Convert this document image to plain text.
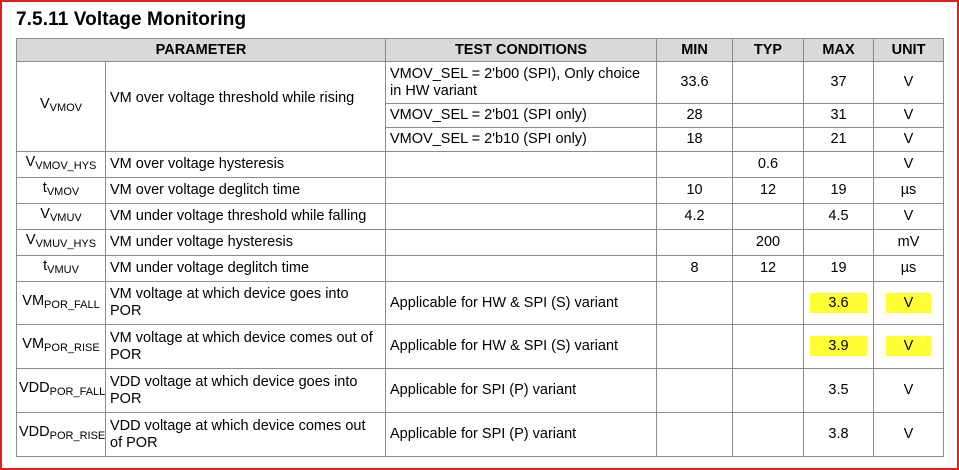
7.5.11 Voltage Monitoring
PARAMETER		TEST CONDITIONS	MIN	TYP	MAX	UNIT
$V_{VMOV}$	VM over voltage threshold while rising	VMOV_SEL = 2'b00 (SPI), Only choice in HW variant	33.6		37	V
		VMOV_SEL = 2'b01 (SPI only)	28		31	V
		VMOV_SEL = 2'b10 (SPI only)	18		21	V
$V_{VMOV\_HYS}$	VM over voltage hysteresis			0.6		V
$t_{VMOV}$	VM over voltage deglitch time		10	12	19	µs
$V_{VMUV}$	VM under voltage threshold while falling		4.2		4.5	V
$V_{VMUV\_HYS}$	VM under voltage hysteresis			200		mV
$t_{VMUV}$	VM under voltage deglitch time		8	12	19	µs
$VM_{POR\_FALL}$	VM voltage at which device goes into POR	Applicable for HW & SPI (S) variant			3.6	V
$VM_{POR\_RISE}$	VM voltage at which device comes out of POR	Applicable for HW & SPI (S) variant			3.9	V
$VDD_{POR\_FALL}$	VDD voltage at which device goes into POR	Applicable for SPI (P) variant			3.5	V
$VDD_{POR\_RISE}$	VDD voltage at which device comes out of POR	Applicable for SPI (P) variant			3.8	V
